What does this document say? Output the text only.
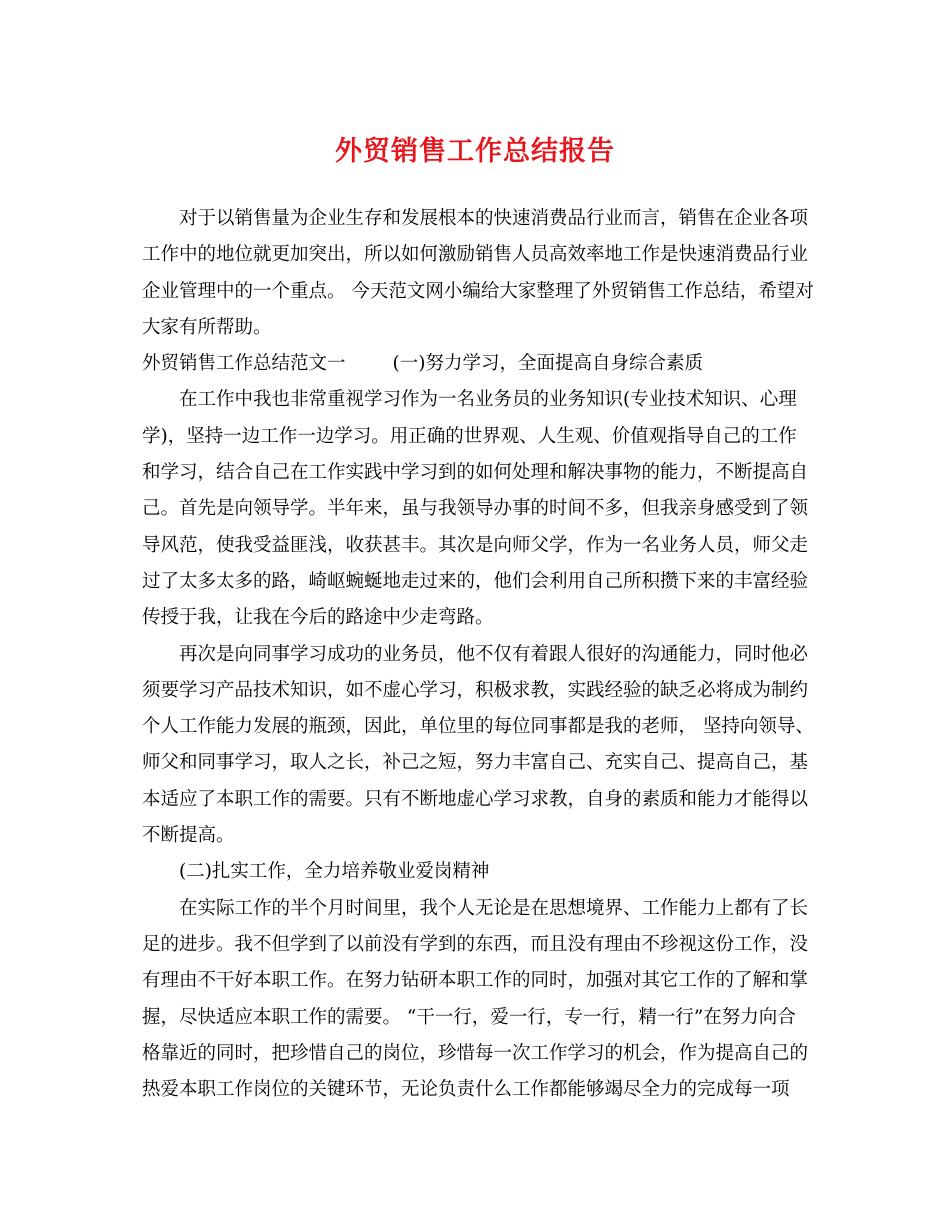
外贸销售工作总结报告

对于以销售量为企业生存和发展根本的快速消费品行业而言，销售在企业各项工作中的地位就更加突出，所以如何激励销售人员高效率地工作是快速消费品行业企业管理中的一个重点。 今天范文网小编给大家整理了外贸销售工作总结，希望对大家有所帮助。

外贸销售工作总结范文一        (一)努力学习，全面提高自身综合素质

在工作中我也非常重视学习作为一名业务员的业务知识(专业技术知识、心理学)，坚持一边工作一边学习。用正确的世界观、人生观、价值观指导自己的工作和学习，结合自己在工作实践中学习到的如何处理和解决事物的能力，不断提高自己。首先是向领导学。半年来，虽与我领导办事的时间不多，但我亲身感受到了领导风范，使我受益匪浅，收获甚丰。其次是向师父学，作为一名业务人员，师父走过了太多太多的路，崎岖蜿蜒地走过来的，他们会利用自己所积攒下来的丰富经验传授于我，让我在今后的路途中少走弯路。

再次是向同事学习成功的业务员，他不仅有着跟人很好的沟通能力，同时他必须要学习产品技术知识，如不虚心学习，积极求教，实践经验的缺乏必将成为制约个人工作能力发展的瓶颈，因此，单位里的每位同事都是我的老师， 坚持向领导、师父和同事学习，取人之长，补己之短，努力丰富自己、充实自己、提高自己，基本适应了本职工作的需要。只有不断地虚心学习求教，自身的素质和能力才能得以不断提高。

(二)扎实工作，全力培养敬业爱岗精神

在实际工作的半个月时间里，我个人无论是在思想境界、工作能力上都有了长足的进步。我不但学到了以前没有学到的东西，而且没有理由不珍视这份工作，没有理由不干好本职工作。在努力钻研本职工作的同时，加强对其它工作的了解和掌握，尽快适应本职工作的需要。 “干一行，爱一行，专一行，精一行”在努力向合格靠近的同时，把珍惜自己的岗位，珍惜每一次工作学习的机会，作为提高自己的热爱本职工作岗位的关键环节，无论负责什么工作都能够竭尽全力的完成每一项
